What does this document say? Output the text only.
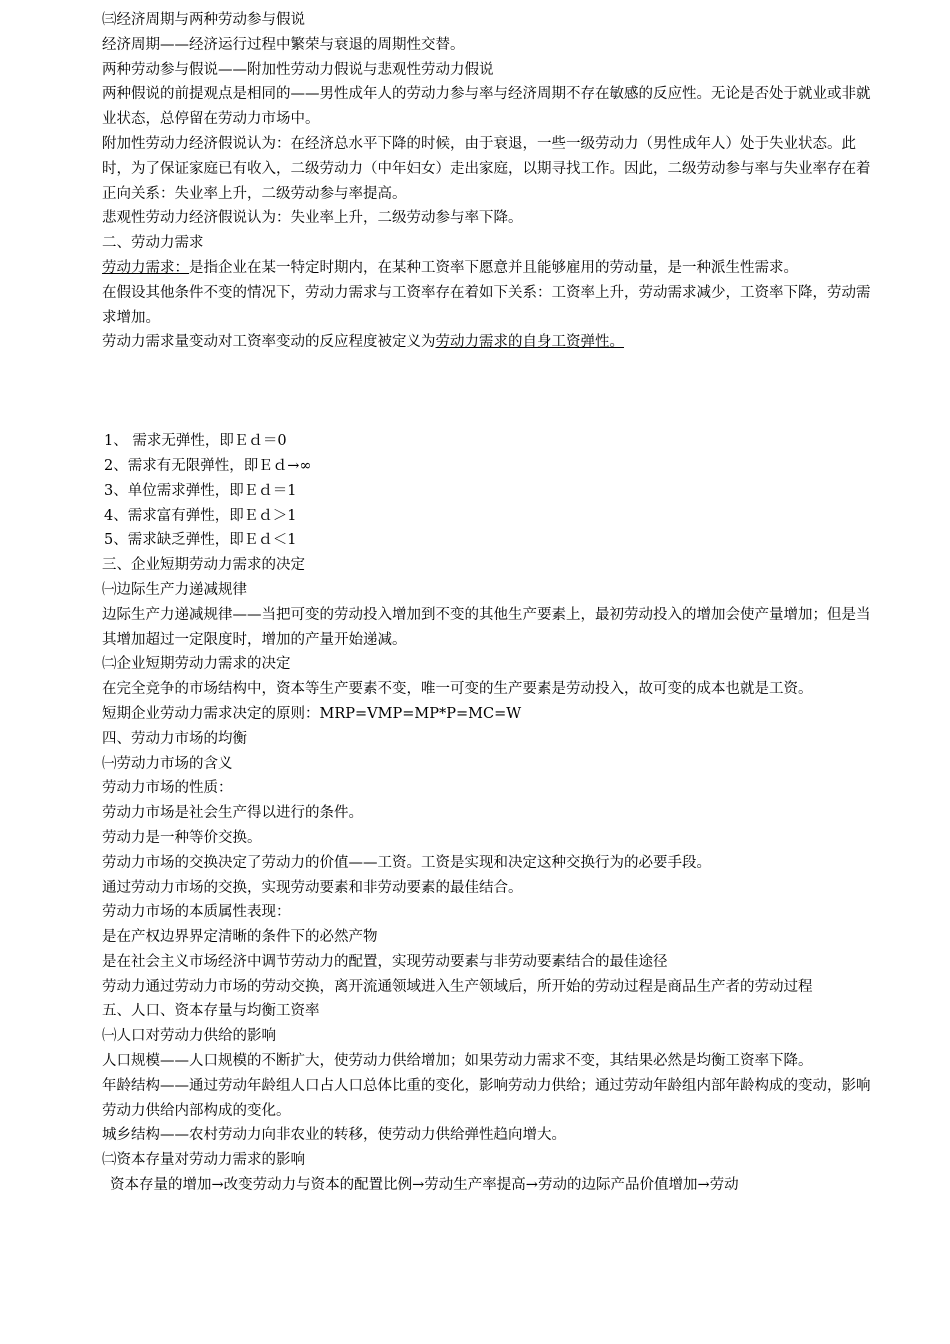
㈢经济周期与两种劳动参与假说

经济周期——经济运行过程中繁荣与衰退的周期性交替。

两种劳动参与假说——附加性劳动力假说与悲观性劳动力假说

两种假说的前提观点是相同的——男性成年人的劳动力参与率与经济周期不存在敏感的反应性。无论是否处于就业或非就业状态，总停留在劳动力市场中。

附加性劳动力经济假说认为：在经济总水平下降的时候，由于衰退，一些一级劳动力（男性成年人）处于失业状态。此时，为了保证家庭已有收入，二级劳动力（中年妇女）走出家庭，以期寻找工作。因此，二级劳动参与率与失业率存在着正向关系：失业率上升，二级劳动参与率提高。

悲观性劳动力经济假说认为：失业率上升，二级劳动参与率下降。

二、劳动力需求

劳动力需求：是指企业在某一特定时期内，在某种工资率下愿意并且能够雇用的劳动量，是一种派生性需求。

在假设其他条件不变的情况下，劳动力需求与工资率存在着如下关系：工资率上升，劳动需求减少，工资率下降，劳动需求增加。

劳动力需求量变动对工资率变动的反应程度被定义为劳动力需求的自身工资弹性。

1、 需求无弹性，即Ｅｄ＝0

2、需求有无限弹性，即Ｅｄ→∞

3、单位需求弹性，即Ｅｄ＝1

4、需求富有弹性，即Ｅｄ＞1

5、需求缺乏弹性，即Ｅｄ＜1

三、企业短期劳动力需求的决定

㈠边际生产力递减规律

边际生产力递减规律——当把可变的劳动投入增加到不变的其他生产要素上，最初劳动投入的增加会使产量增加；但是当其增加超过一定限度时，增加的产量开始递减。

㈡企业短期劳动力需求的决定

在完全竞争的市场结构中，资本等生产要素不变，唯一可变的生产要素是劳动投入，故可变的成本也就是工资。

短期企业劳动力需求决定的原则：MRP=VMP=MP*P=MC=W

四、劳动力市场的均衡

㈠劳动力市场的含义

劳动力市场的性质：

劳动力市场是社会生产得以进行的条件。

劳动力是一种等价交换。

劳动力市场的交换决定了劳动力的价值——工资。工资是实现和决定这种交换行为的必要手段。

通过劳动力市场的交换，实现劳动要素和非劳动要素的最佳结合。

劳动力市场的本质属性表现：

是在产权边界界定清晰的条件下的必然产物

是在社会主义市场经济中调节劳动力的配置，实现劳动要素与非劳动要素结合的最佳途径

劳动力通过劳动力市场的劳动交换，离开流通领域进入生产领域后，所开始的劳动过程是商品生产者的劳动过程

五、人口、资本存量与均衡工资率

㈠人口对劳动力供给的影响

人口规模——人口规模的不断扩大，使劳动力供给增加；如果劳动力需求不变，其结果必然是均衡工资率下降。

年龄结构——通过劳动年龄组人口占人口总体比重的变化，影响劳动力供给；通过劳动年龄组内部年龄构成的变动，影响劳动力供给内部构成的变化。

城乡结构——农村劳动力向非农业的转移，使劳动力供给弹性趋向增大。

㈡资本存量对劳动力需求的影响

资本存量的增加→改变劳动力与资本的配置比例→劳动生产率提高→劳动的边际产品价值增加→劳动
